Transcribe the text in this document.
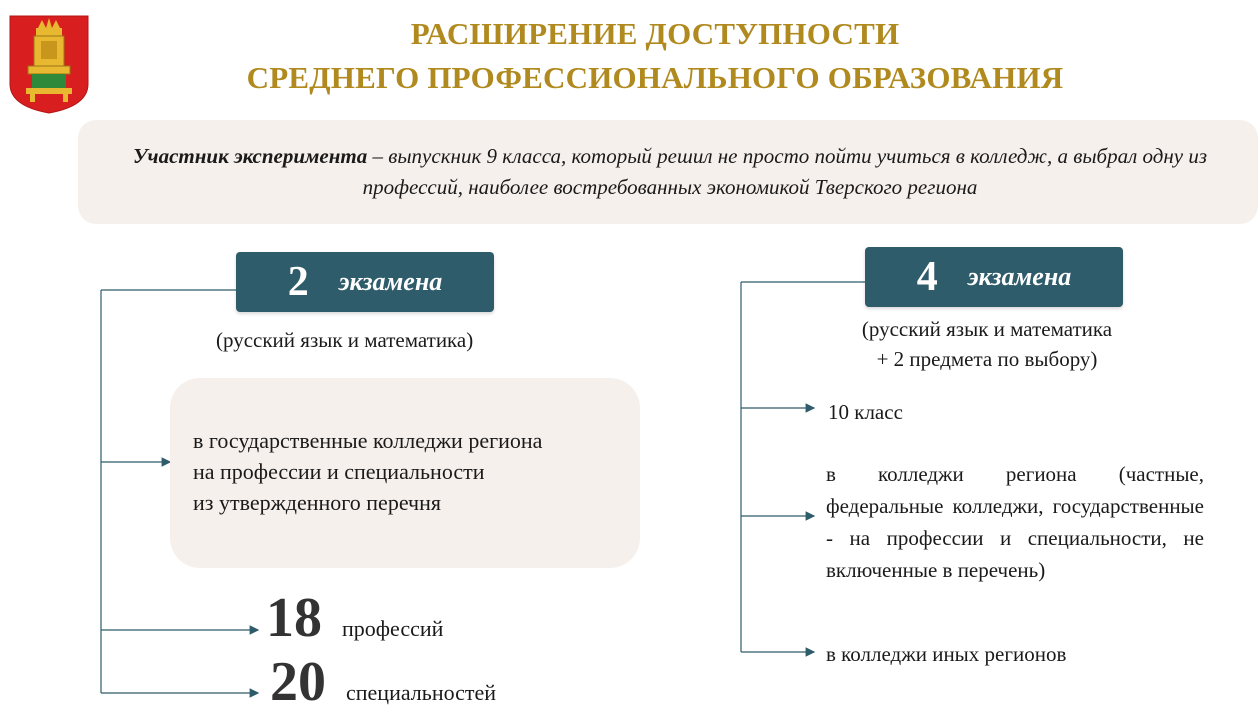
РАСШИРЕНИЕ ДОСТУПНОСТИ
СРЕДНЕГО ПРОФЕССИОНАЛЬНОГО ОБРАЗОВАНИЯ
Участник эксперимента – выпускник 9 класса, который решил не просто пойти учиться в колледж, а выбрал одну из профессий, наиболее востребованных экономикой Тверского региона
2 экзамена
(русский язык и математика)
в государственные колледжи региона
на профессии и специальности
из утвержденного перечня
18 профессий
20 специальностей
4 экзамена
(русский язык и математика
+ 2 предмета по выбору)
10 класс
в колледжи региона (частные, федеральные колледжи, государственные - на профессии и специальности, не включенные в перечень)
в колледжи иных регионов
